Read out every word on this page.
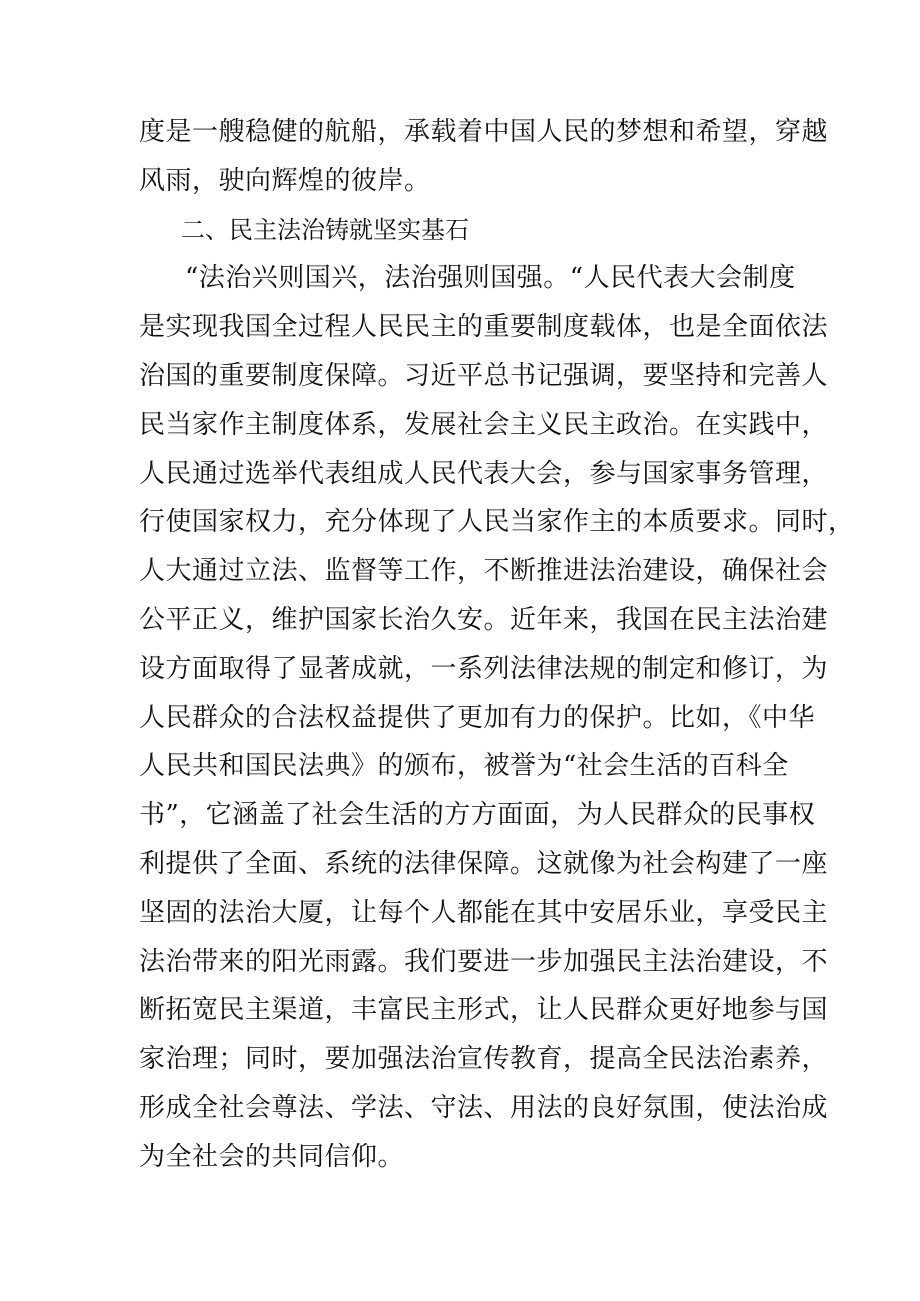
度是一艘稳健的航船，承载着中国人民的梦想和希望，穿越
风雨，驶向辉煌的彼岸。
二、民主法治铸就坚实基石
“法治兴则国兴，法治强则国强。“人民代表大会制度
是实现我国全过程人民民主的重要制度载体，也是全面依法
治国的重要制度保障。习近平总书记强调，要坚持和完善人
民当家作主制度体系，发展社会主义民主政治。在实践中，
人民通过选举代表组成人民代表大会，参与国家事务管理，
行使国家权力，充分体现了人民当家作主的本质要求。同时，
人大通过立法、监督等工作，不断推进法治建设，确保社会
公平正义，维护国家长治久安。近年来，我国在民主法治建
设方面取得了显著成就，一系列法律法规的制定和修订，为
人民群众的合法权益提供了更加有力的保护。比如，《中华
人民共和国民法典》的颁布，被誉为“社会生活的百科全
书”，它涵盖了社会生活的方方面面，为人民群众的民事权
利提供了全面、系统的法律保障。这就像为社会构建了一座
坚固的法治大厦，让每个人都能在其中安居乐业，享受民主
法治带来的阳光雨露。我们要进一步加强民主法治建设，不
断拓宽民主渠道，丰富民主形式，让人民群众更好地参与国
家治理；同时，要加强法治宣传教育，提高全民法治素养，
形成全社会尊法、学法、守法、用法的良好氛围，使法治成
为全社会的共同信仰。
